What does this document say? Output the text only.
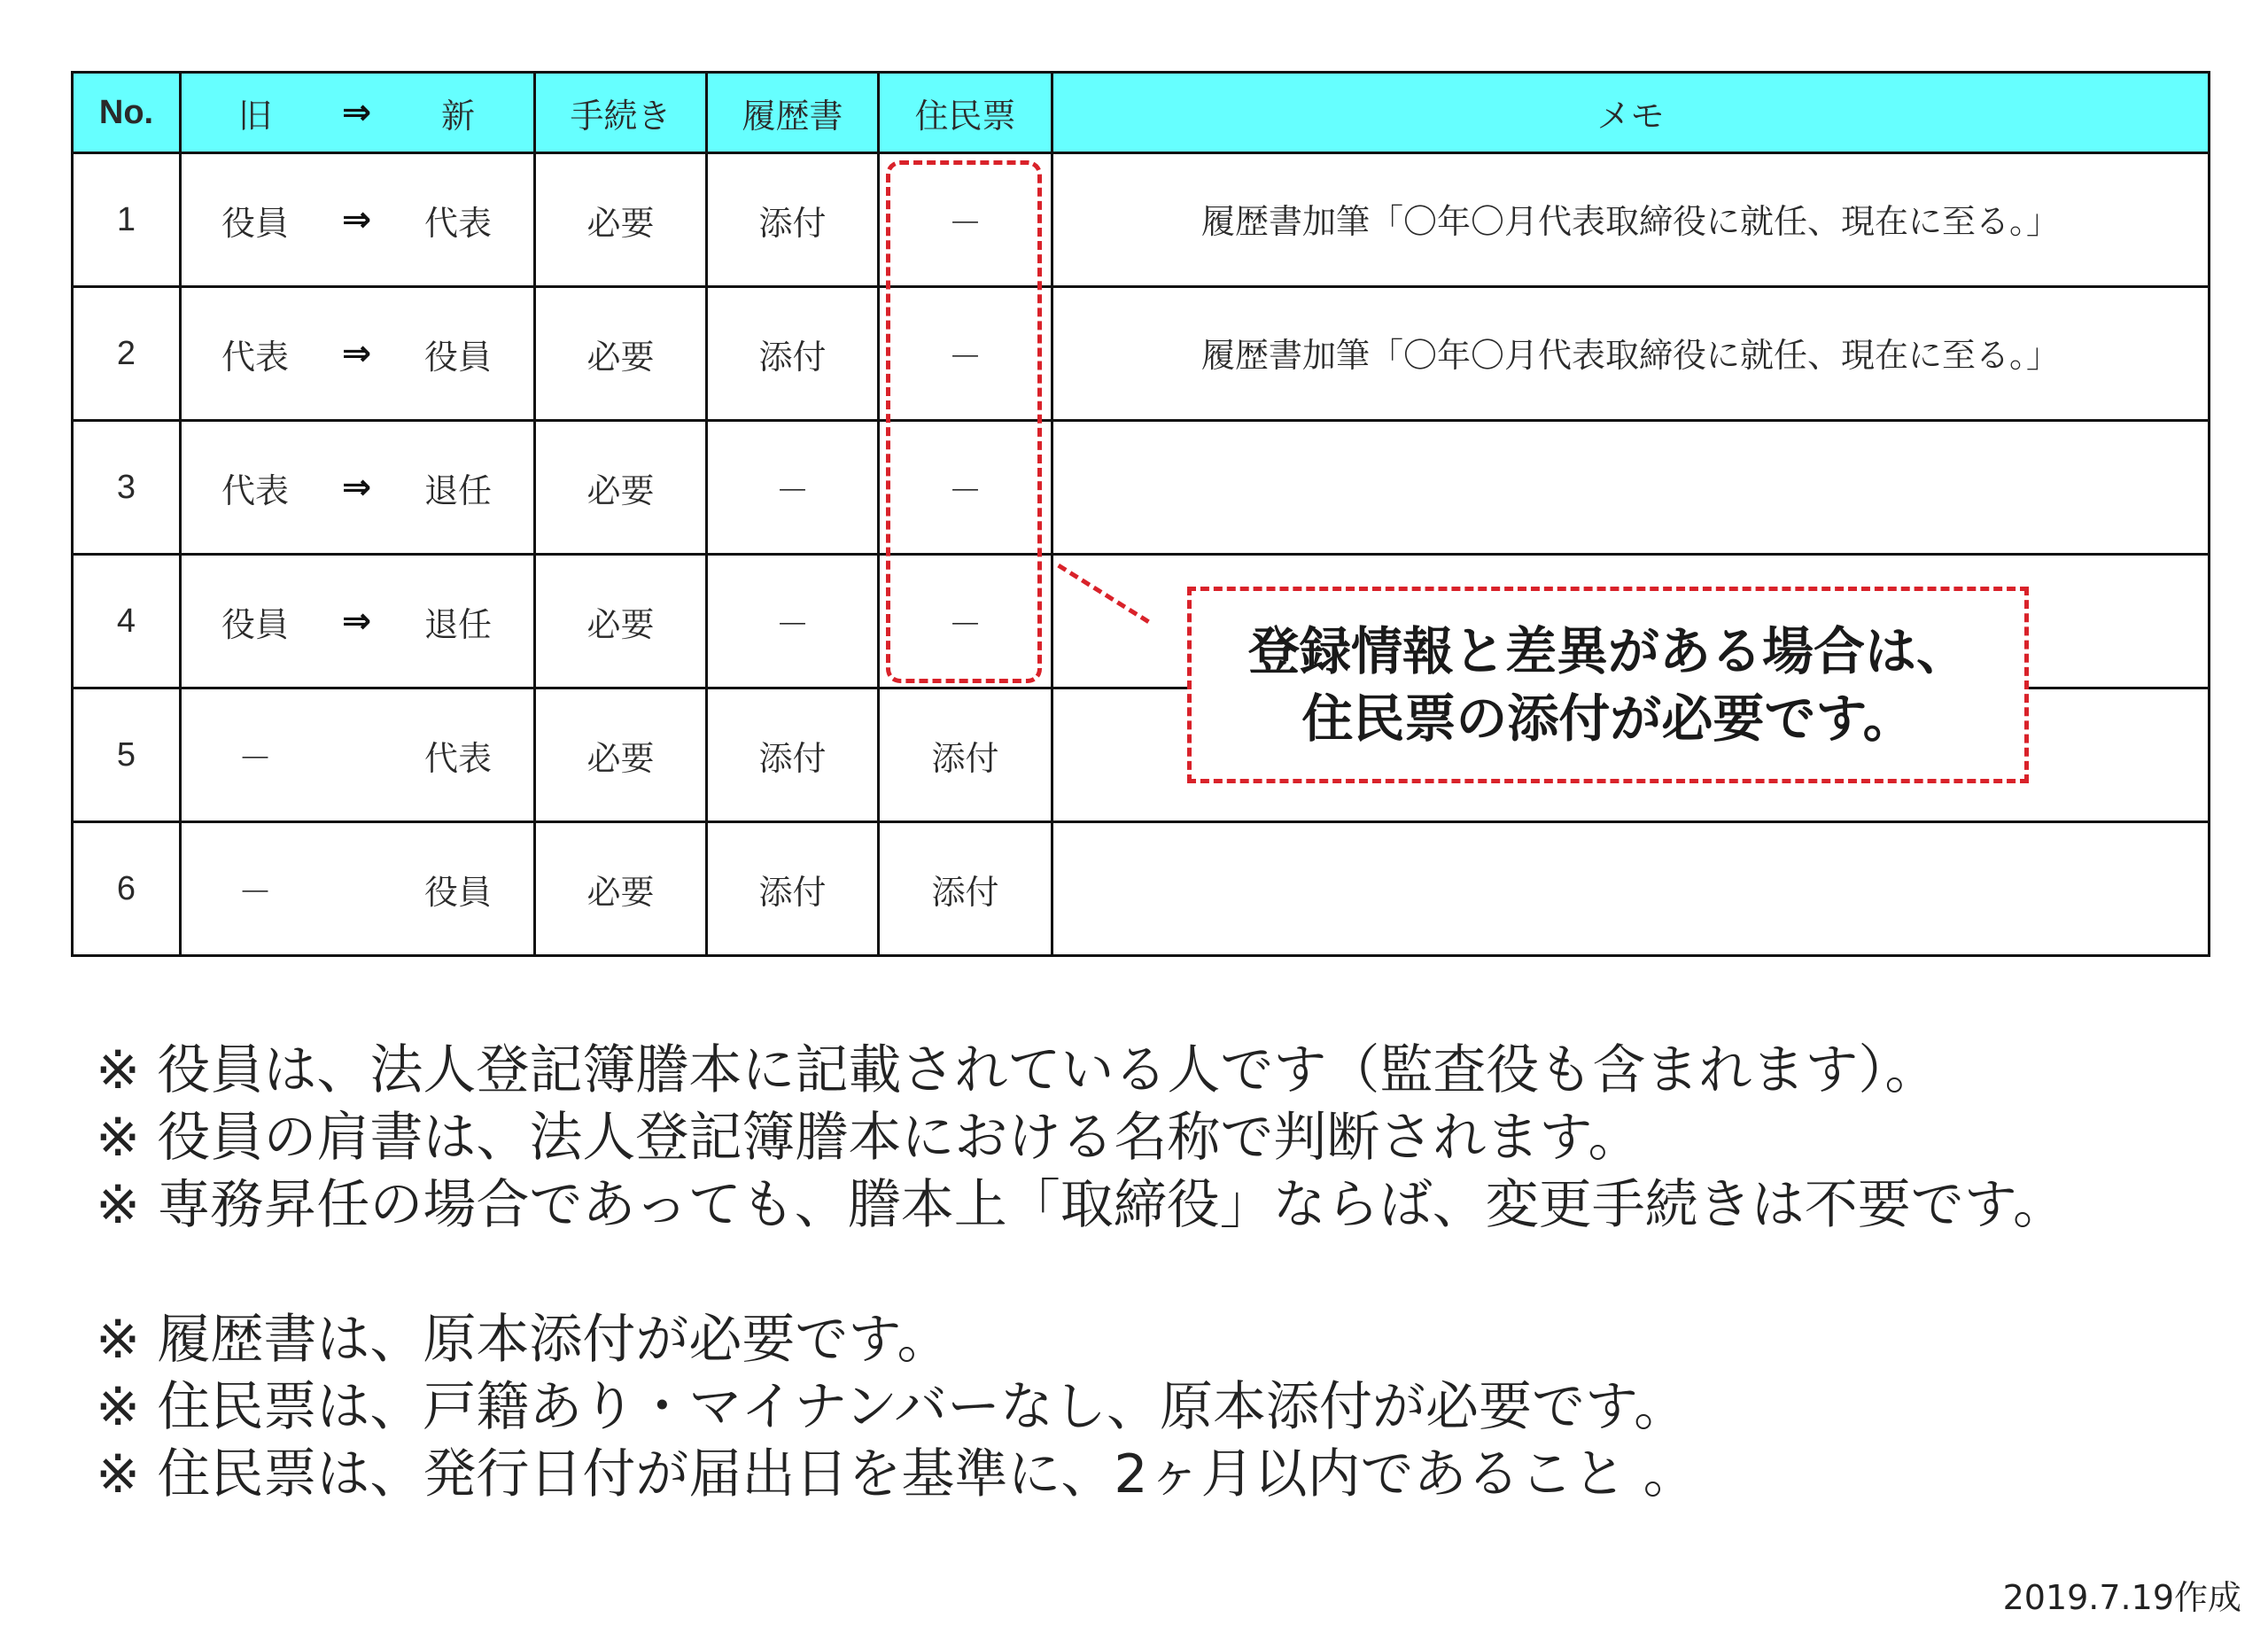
No.	旧 ⇒ 新	手続き	履歴書	住民票	メモ
1	役員 ⇒ 代表	必要	添付	－	履歴書加筆「〇年〇月代表取締役に就任、現在に至る。」
2	代表 ⇒ 役員	必要	添付	－	履歴書加筆「〇年〇月代表取締役に就任、現在に至る。」
3	代表 ⇒ 退任	必要	－	－	
4	役員 ⇒ 退任	必要	－	－	
5	－ 代表	必要	添付	添付	
6	－ 役員	必要	添付	添付	
登録情報と差異がある場合は、
住民票の添付が必要です。
※ 役員は、法人登記簿謄本に記載されている人です（監査役も含まれます）。
※ 役員の肩書は、法人登記簿謄本における名称で判断されます。
※ 専務昇任の場合であっても、謄本上「取締役」ならば、変更手続きは不要です。
※ 履歴書は、原本添付が必要です。
※ 住民票は、戸籍あり・マイナンバーなし、原本添付が必要です。
※ 住民票は、発行日付が届出日を基準に、2ヶ月以内であること 。
2019.7.19作成
